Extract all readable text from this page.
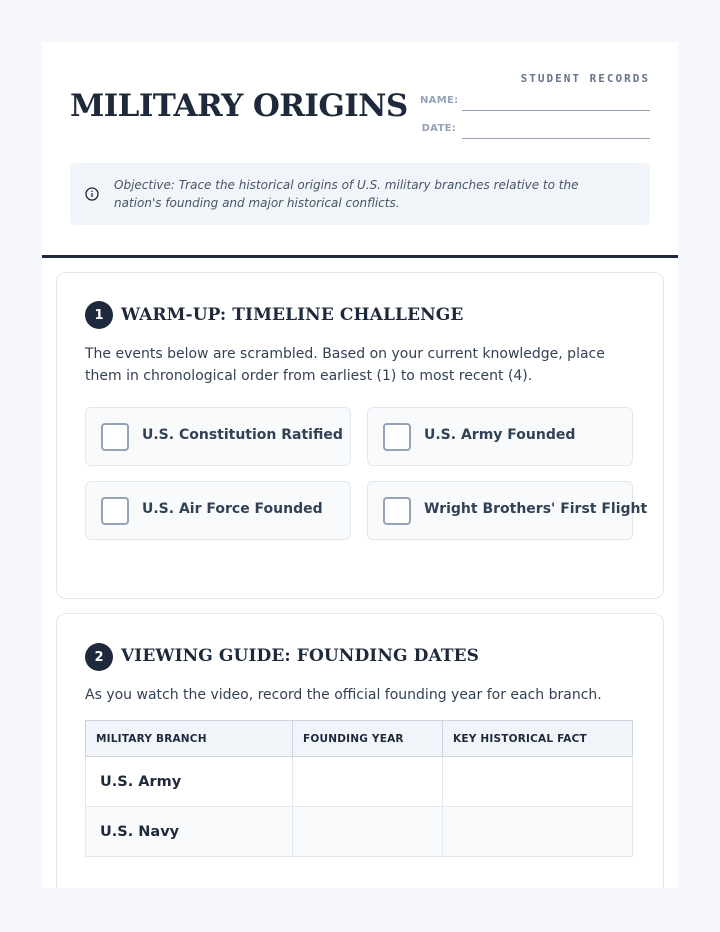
MILITARY ORIGINS
STUDENT RECORDS
NAME:
DATE:

Objective: Trace the historical origins of U.S. military branches relative to the nation's founding and major historical conflicts.

1	WARM-UP: TIMELINE CHALLENGE

The events below are scrambled. Based on your current knowledge, place them in chronological order from earliest (1) to most recent (4).

U.S. Constitution Ratified	U.S. Army Founded
U.S. Air Force Founded	Wright Brothers' First Flight
2	VIEWING GUIDE: FOUNDING DATES

As you watch the video, record the official founding year for each branch.

MILITARY BRANCH	FOUNDING YEAR	KEY HISTORICAL FACT
U.S. Army		
U.S. Navy		
